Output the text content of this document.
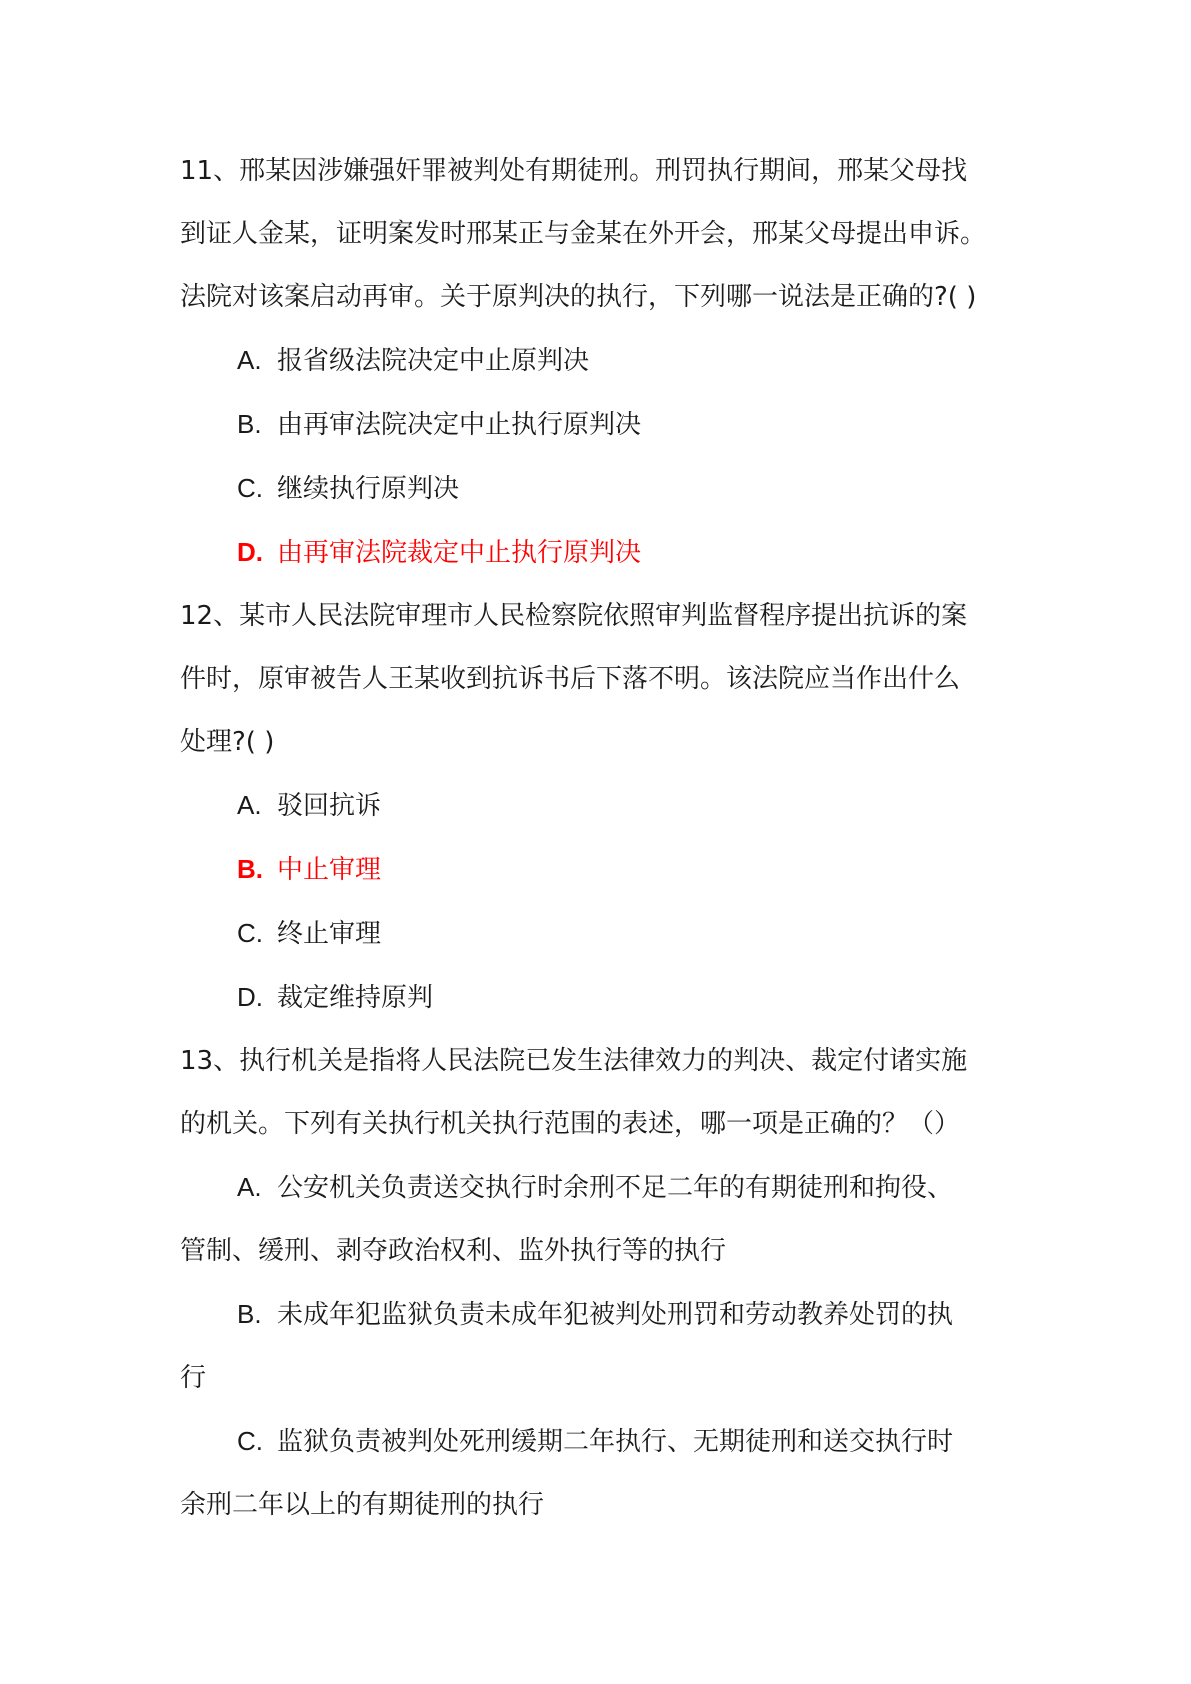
11、邢某因涉嫌强奸罪被判处有期徒刑。刑罚执行期间，邢某父母找
到证人金某，证明案发时邢某正与金某在外开会，邢某父母提出申诉。
法院对该案启动再审。关于原判决的执行，下列哪一说法是正确的?( )
A. 报省级法院决定中止原判决
B. 由再审法院决定中止执行原判决
C. 继续执行原判决
D. 由再审法院裁定中止执行原判决
12、某市人民法院审理市人民检察院依照审判监督程序提出抗诉的案
件时，原审被告人王某收到抗诉书后下落不明。该法院应当作出什么
处理?( )
A. 驳回抗诉
B. 中止审理
C. 终止审理
D. 裁定维持原判
13、执行机关是指将人民法院已发生法律效力的判决、裁定付诸实施
的机关。下列有关执行机关执行范围的表述，哪一项是正确的？（）
A. 公安机关负责送交执行时余刑不足二年的有期徒刑和拘役、
管制、缓刑、剥夺政治权利、监外执行等的执行
B. 未成年犯监狱负责未成年犯被判处刑罚和劳动教养处罚的执
行
C. 监狱负责被判处死刑缓期二年执行、无期徒刑和送交执行时
余刑二年以上的有期徒刑的执行
